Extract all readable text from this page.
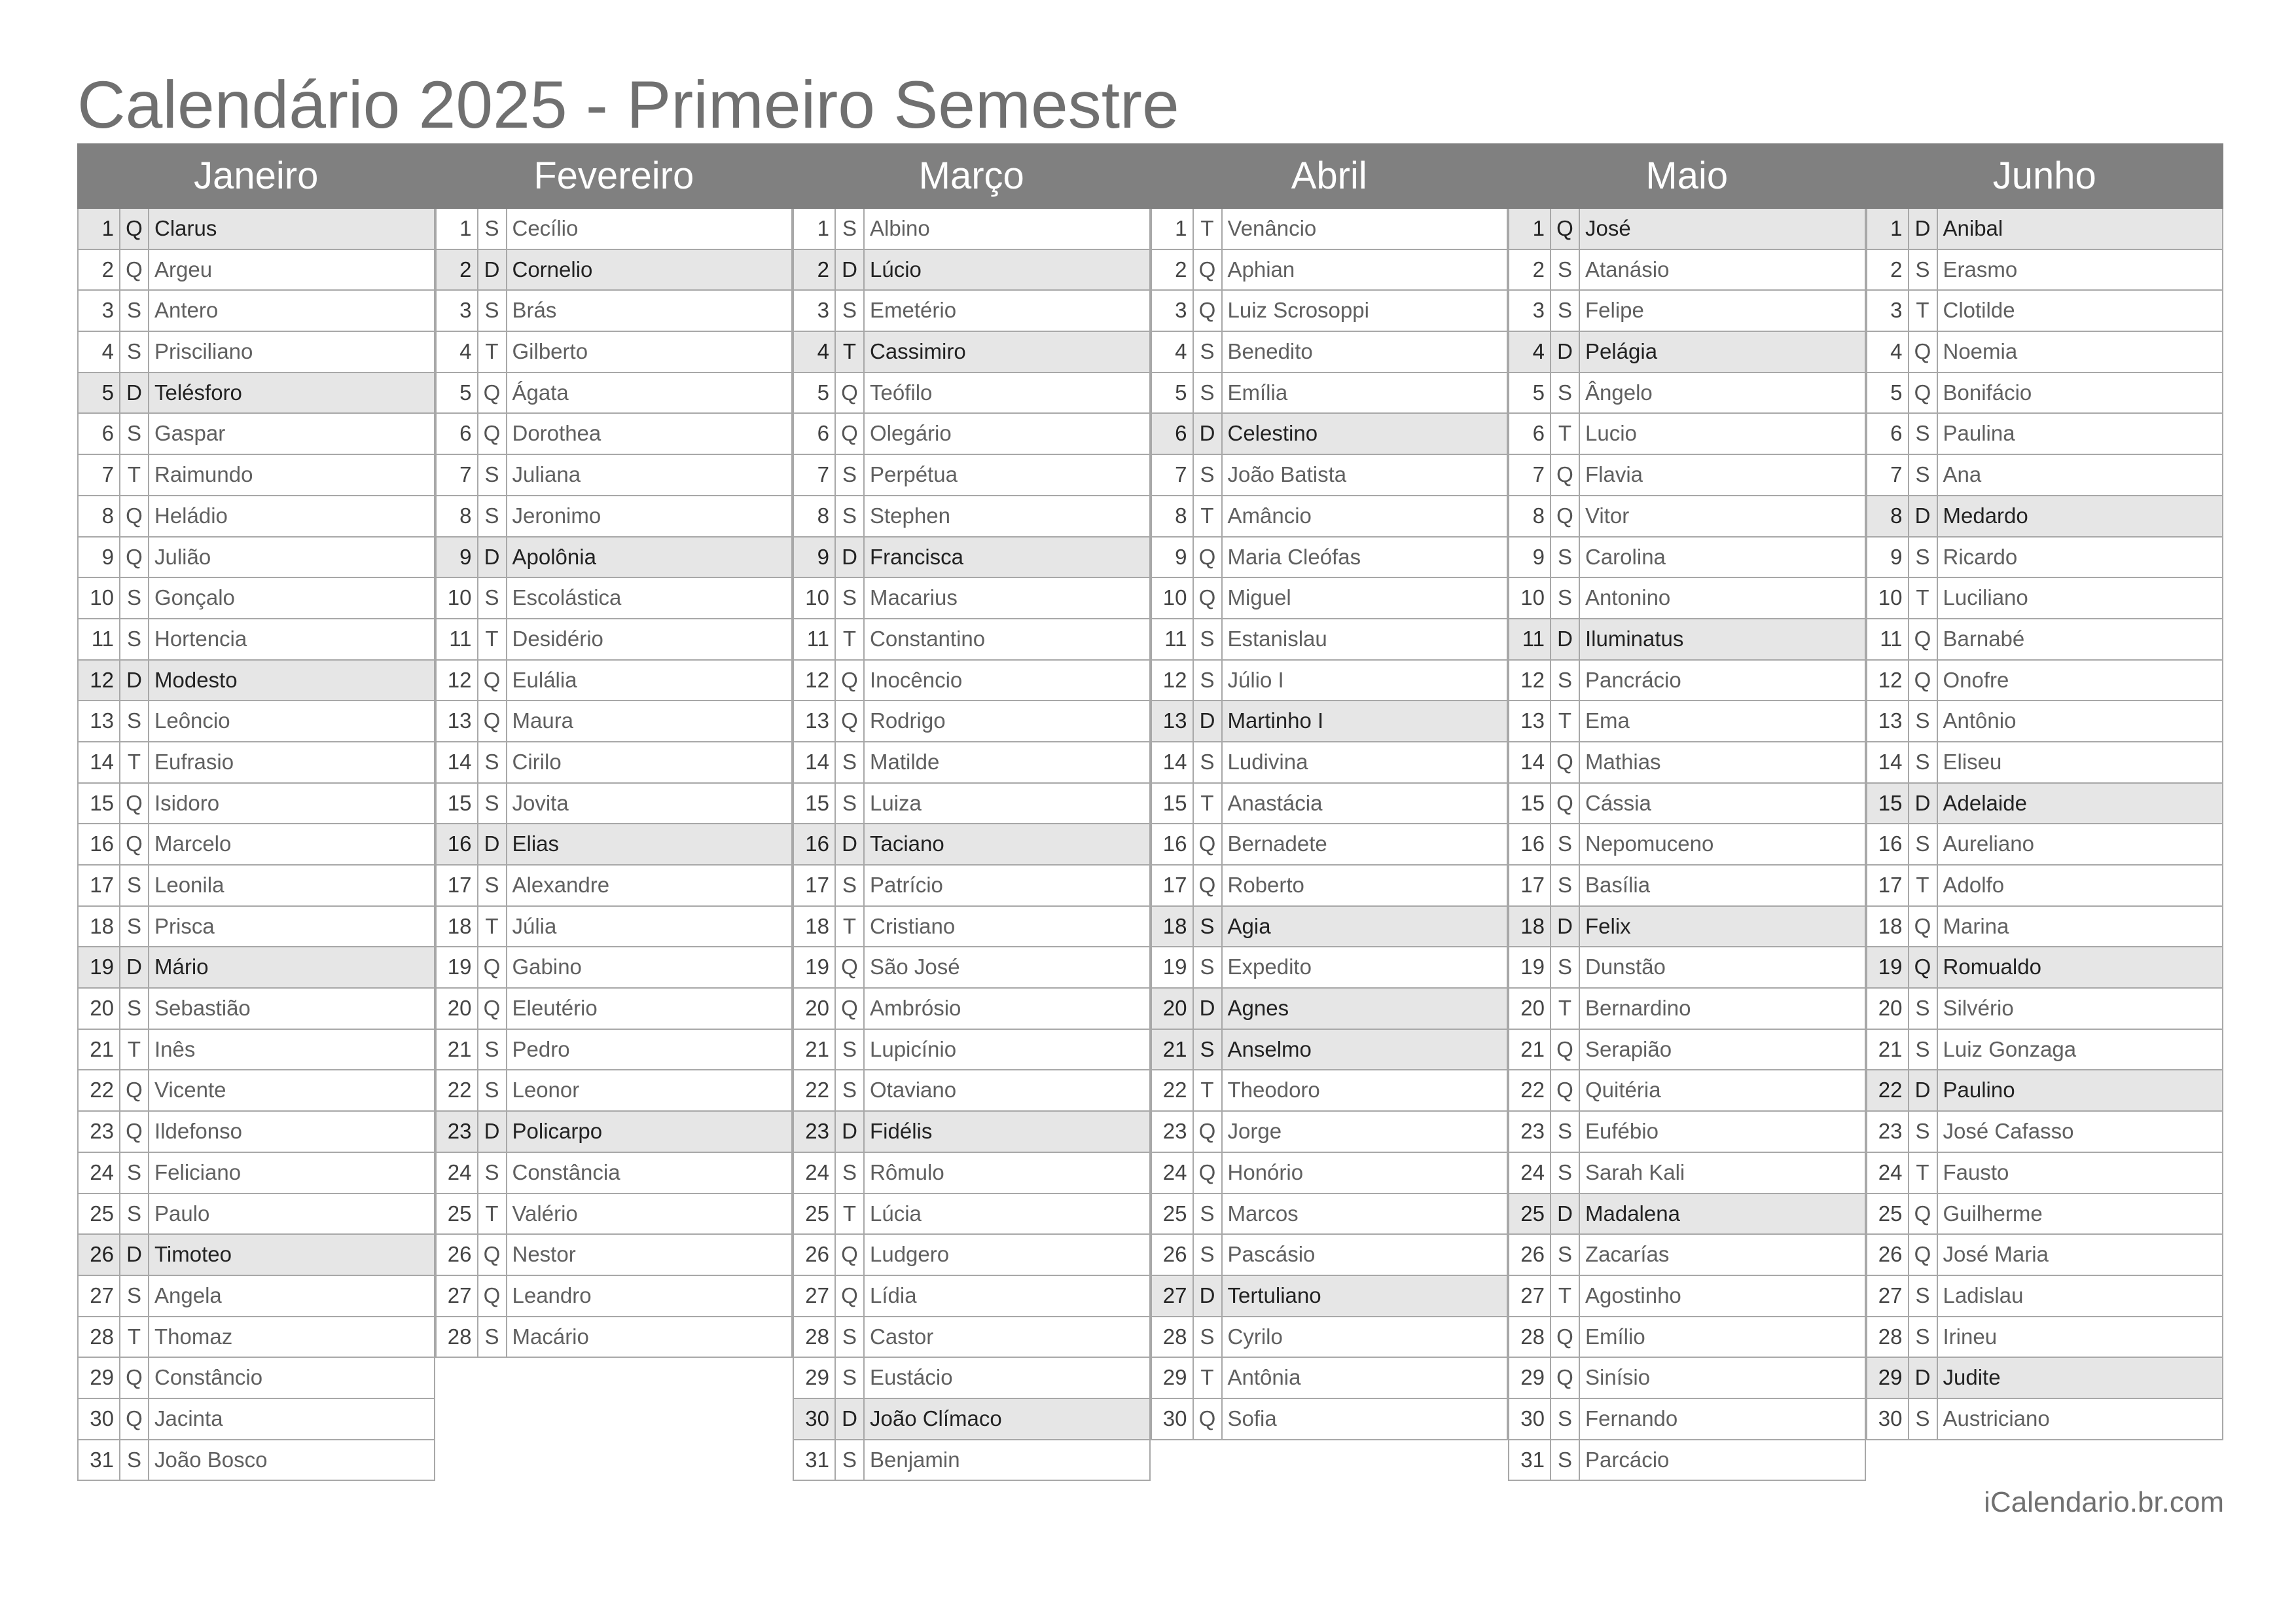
Calendário 2025 - Primeiro Semestre
Janeiro
1 Q Clarus
2 Q Argeu
3 S Antero
4 S Prisciliano
5 D Telésforo
6 S Gaspar
7 T Raimundo
8 Q Heládio
9 Q Julião
10 S Gonçalo
11 S Hortencia
12 D Modesto
13 S Leôncio
14 T Eufrasio
15 Q Isidoro
16 Q Marcelo
17 S Leonila
18 S Prisca
19 D Mário
20 S Sebastião
21 T Inês
22 Q Vicente
23 Q Ildefonso
24 S Feliciano
25 S Paulo
26 D Timoteo
27 S Angela
28 T Thomaz
29 Q Constâncio
30 Q Jacinta
31 S João Bosco
Fevereiro
1 S Cecílio
2 D Cornelio
3 S Brás
4 T Gilberto
5 Q Ágata
6 Q Dorothea
7 S Juliana
8 S Jeronimo
9 D Apolônia
10 S Escolástica
11 T Desidério
12 Q Eulália
13 Q Maura
14 S Cirilo
15 S Jovita
16 D Elias
17 S Alexandre
18 T Júlia
19 Q Gabino
20 Q Eleutério
21 S Pedro
22 S Leonor
23 D Policarpo
24 S Constância
25 T Valério
26 Q Nestor
27 Q Leandro
28 S Macário
Março
1 S Albino
2 D Lúcio
3 S Emetério
4 T Cassimiro
5 Q Teófilo
6 Q Olegário
7 S Perpétua
8 S Stephen
9 D Francisca
10 S Macarius
11 T Constantino
12 Q Inocêncio
13 Q Rodrigo
14 S Matilde
15 S Luiza
16 D Taciano
17 S Patrício
18 T Cristiano
19 Q São José
20 Q Ambrósio
21 S Lupicínio
22 S Otaviano
23 D Fidélis
24 S Rômulo
25 T Lúcia
26 Q Ludgero
27 Q Lídia
28 S Castor
29 S Eustácio
30 D João Clímaco
31 S Benjamin
Abril
1 T Venâncio
2 Q Aphian
3 Q Luiz Scrosoppi
4 S Benedito
5 S Emília
6 D Celestino
7 S João Batista
8 T Amâncio
9 Q Maria Cleófas
10 Q Miguel
11 S Estanislau
12 S Júlio I
13 D Martinho I
14 S Ludivina
15 T Anastácia
16 Q Bernadete
17 Q Roberto
18 S Agia
19 S Expedito
20 D Agnes
21 S Anselmo
22 T Theodoro
23 Q Jorge
24 Q Honório
25 S Marcos
26 S Pascásio
27 D Tertuliano
28 S Cyrilo
29 T Antônia
30 Q Sofia
Maio
1 Q José
2 S Atanásio
3 S Felipe
4 D Pelágia
5 S Ângelo
6 T Lucio
7 Q Flavia
8 Q Vitor
9 S Carolina
10 S Antonino
11 D Iluminatus
12 S Pancrácio
13 T Ema
14 Q Mathias
15 Q Cássia
16 S Nepomuceno
17 S Basília
18 D Felix
19 S Dunstão
20 T Bernardino
21 Q Serapião
22 Q Quitéria
23 S Eufébio
24 S Sarah Kali
25 D Madalena
26 S Zacarías
27 T Agostinho
28 Q Emílio
29 Q Sinísio
30 S Fernando
31 S Parcácio
Junho
1 D Anibal
2 S Erasmo
3 T Clotilde
4 Q Noemia
5 Q Bonifácio
6 S Paulina
7 S Ana
8 D Medardo
9 S Ricardo
10 T Luciliano
11 Q Barnabé
12 Q Onofre
13 S Antônio
14 S Eliseu
15 D Adelaide
16 S Aureliano
17 T Adolfo
18 Q Marina
19 Q Romualdo
20 S Silvério
21 S Luiz Gonzaga
22 D Paulino
23 S José Cafasso
24 T Fausto
25 Q Guilherme
26 Q José Maria
27 S Ladislau
28 S Irineu
29 D Judite
30 S Austriciano
iCalendario.br.com
